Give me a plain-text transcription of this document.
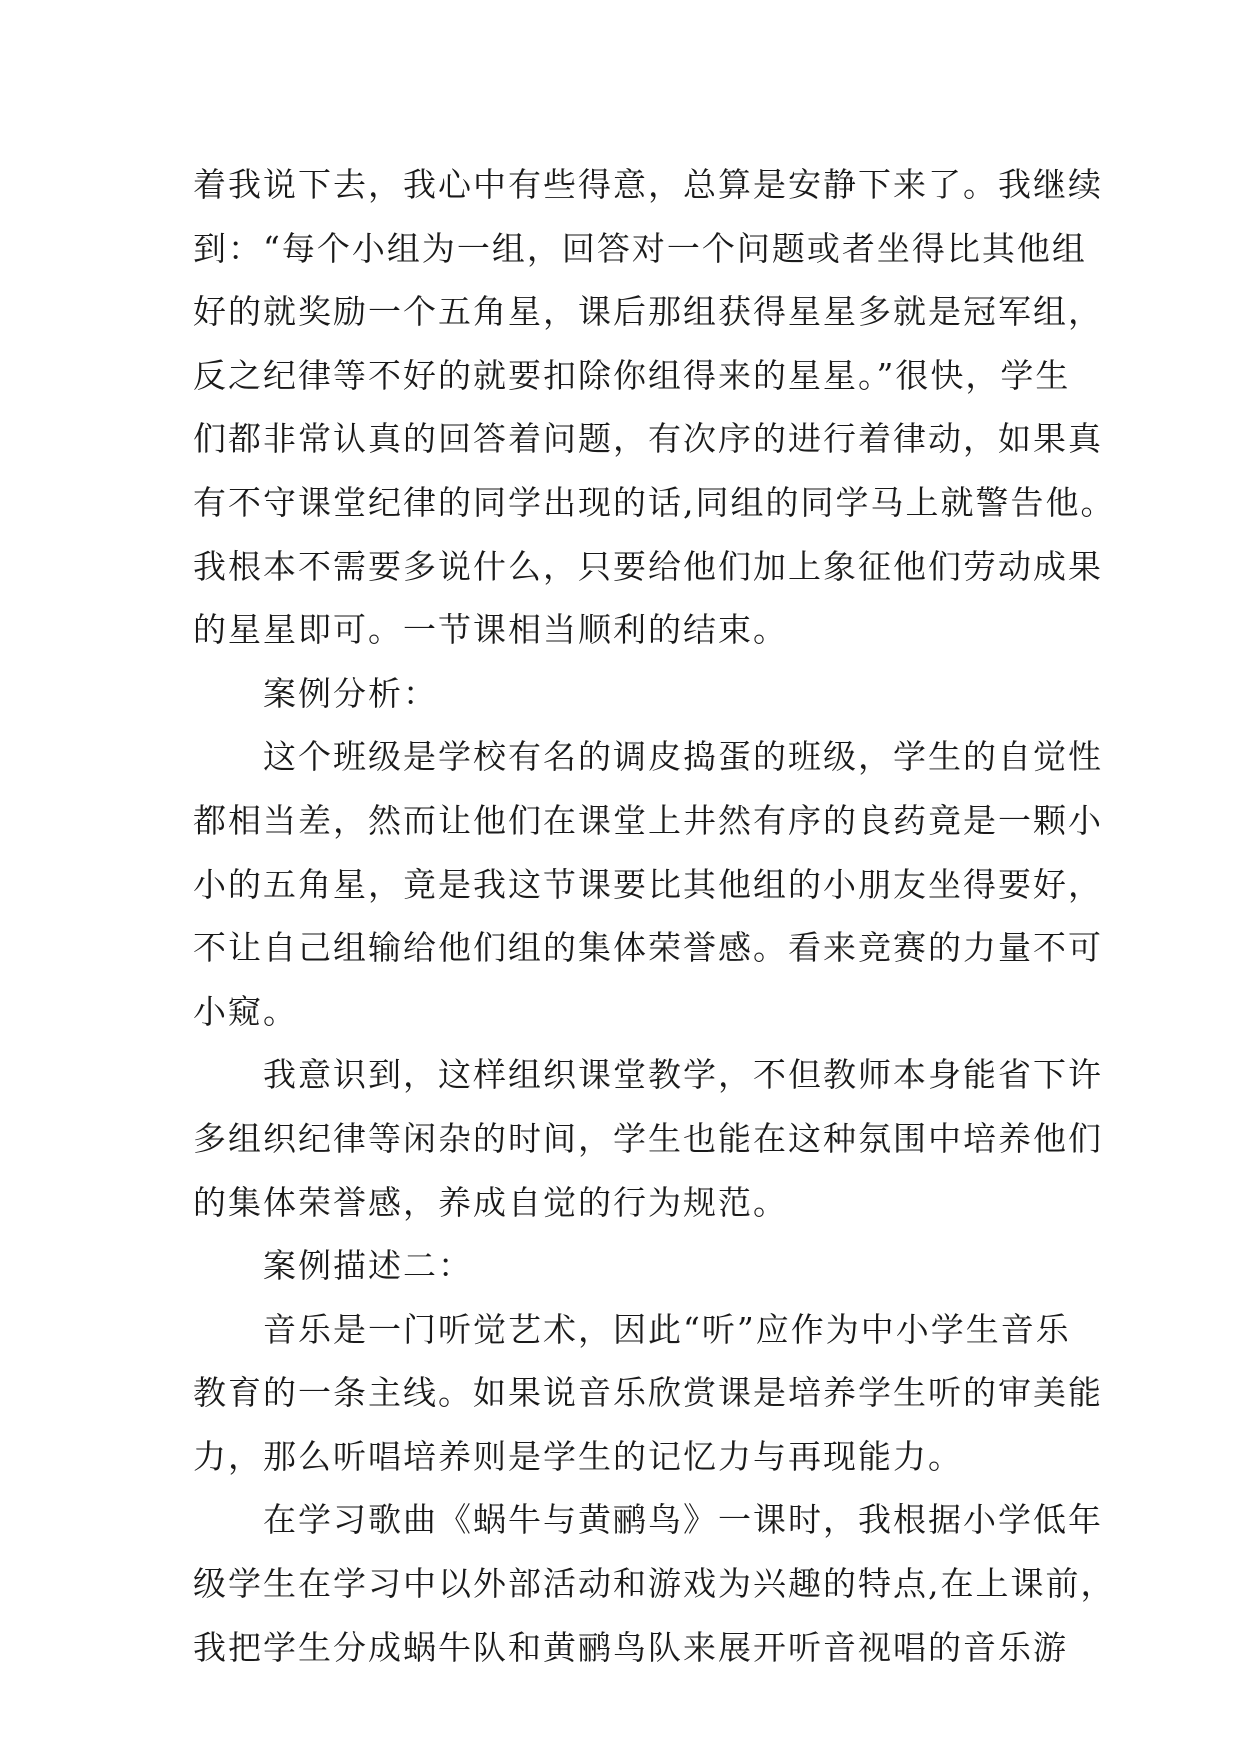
着我说下去，我心中有些得意，总算是安静下来了。我继续
到：“每个小组为一组，回答对一个问题或者坐得比其他组
好的就奖励一个五角星，课后那组获得星星多就是冠军组，
反之纪律等不好的就要扣除你组得来的星星。”很快，学生
们都非常认真的回答着问题，有次序的进行着律动，如果真
有不守课堂纪律的同学出现的话,同组的同学马上就警告他。
我根本不需要多说什么，只要给他们加上象征他们劳动成果
的星星即可。一节课相当顺利的结束。
案例分析：
这个班级是学校有名的调皮捣蛋的班级，学生的自觉性
都相当差，然而让他们在课堂上井然有序的良药竟是一颗小
小的五角星，竟是我这节课要比其他组的小朋友坐得要好，
不让自己组输给他们组的集体荣誉感。看来竞赛的力量不可
小窥。
我意识到，这样组织课堂教学，不但教师本身能省下许
多组织纪律等闲杂的时间，学生也能在这种氛围中培养他们
的集体荣誉感，养成自觉的行为规范。
案例描述二：
音乐是一门听觉艺术，因此“听”应作为中小学生音乐
教育的一条主线。如果说音乐欣赏课是培养学生听的审美能
力，那么听唱培养则是学生的记忆力与再现能力。
在学习歌曲《蜗牛与黄鹂鸟》一课时，我根据小学低年
级学生在学习中以外部活动和游戏为兴趣的特点,在上课前，
我把学生分成蜗牛队和黄鹂鸟队来展开听音视唱的音乐游
